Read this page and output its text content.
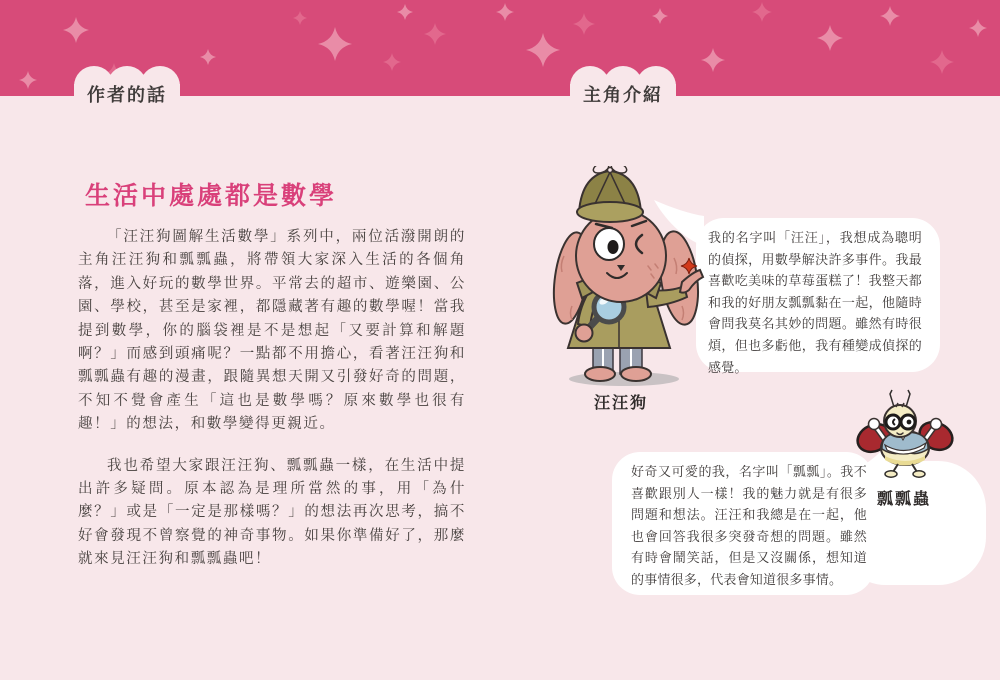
作者的話	主角介紹
生活中處處都是數學

「汪汪狗圖解生活數學」系列中，兩位活潑開朗的主角汪汪狗和瓢瓢蟲，將帶領大家深入生活的各個角落，進入好玩的數學世界。平常去的超市、遊樂園、公園、學校，甚至是家裡，都隱藏著有趣的數學喔！當我提到數學，你的腦袋裡是不是想起「又要計算和解題啊？」而感到頭痛呢？一點都不用擔心，看著汪汪狗和瓢瓢蟲有趣的漫畫，跟隨異想天開又引發好奇的問題，不知不覺會產生「這也是數學嗎？原來數學也很有趣！」的想法，和數學變得更親近。

我也希望大家跟汪汪狗、瓢瓢蟲一樣，在生活中提出許多疑問。原本認為是理所當然的事，用「為什麼？」或是「一定是那樣嗎？」的想法再次思考，搞不好會發現不曾察覺的神奇事物。如果你準備好了，那麼就來見汪汪狗和瓢瓢蟲吧！

我的名字叫「汪汪」，我想成為聰明的偵探，用數學解決許多事件。我最喜歡吃美味的草莓蛋糕了！我整天都和我的好朋友瓢瓢黏在一起，他隨時會問我莫名其妙的問題。雖然有時很煩，但也多虧他，我有種變成偵探的感覺。
好奇又可愛的我，名字叫「瓢瓢」。我不喜歡跟別人一樣！我的魅力就是有很多問題和想法。汪汪和我總是在一起，他也會回答我很多突發奇想的問題。雖然有時會鬧笑話，但是又沒關係，想知道的事情很多，代表會知道很多事情。
汪汪狗
瓢瓢蟲
